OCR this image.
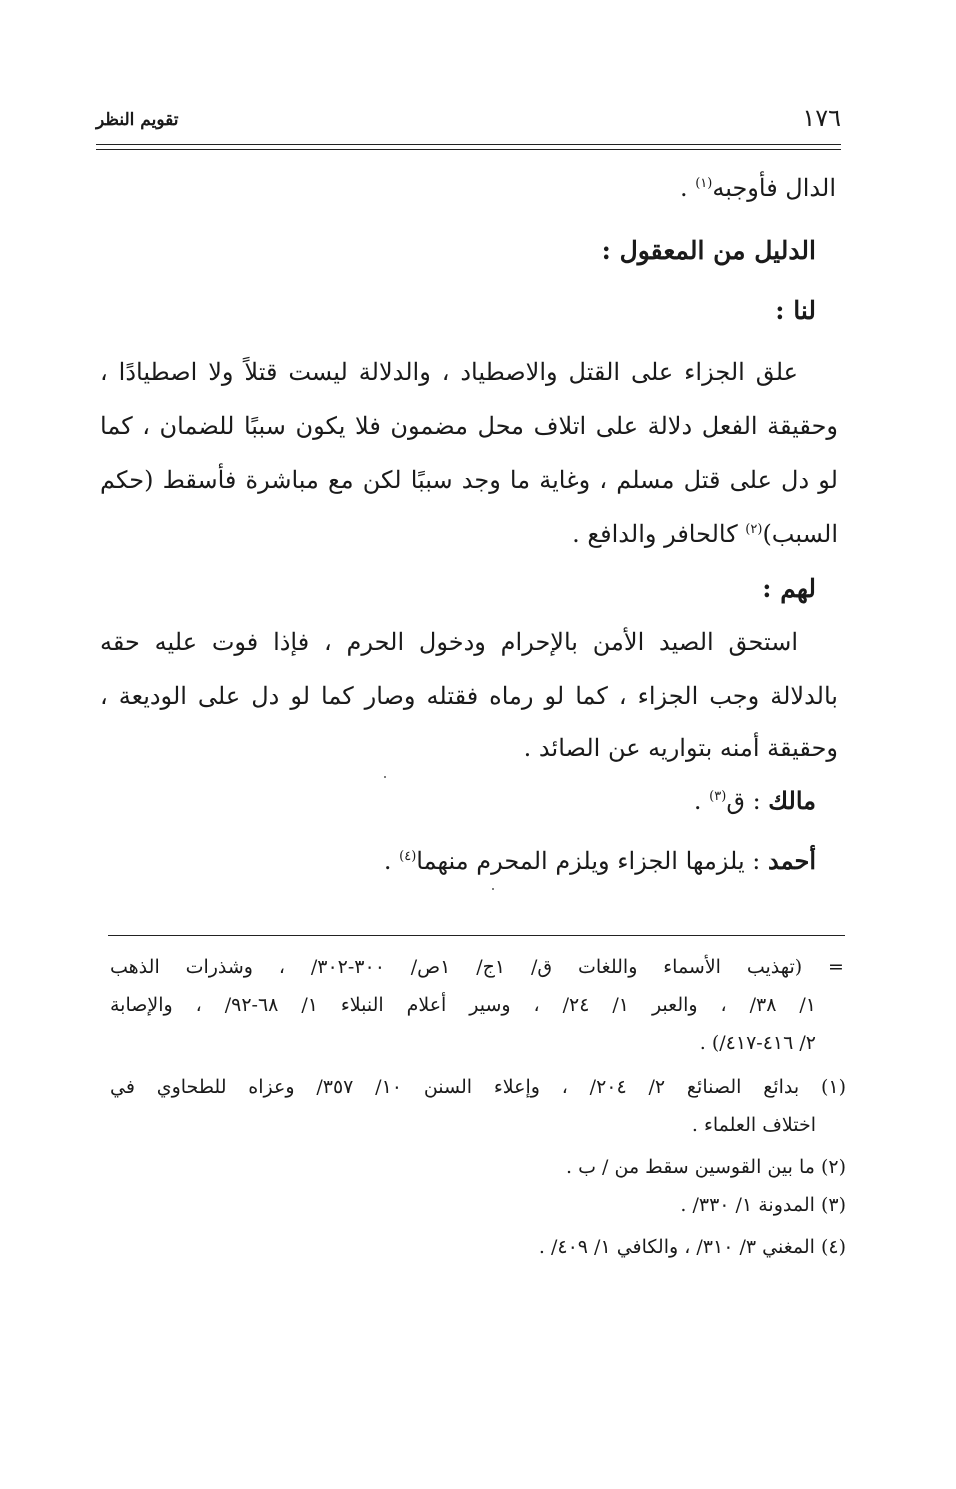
١٧٦
تقويم النظر
الدال فأوجبه$^{(١)}$ .
الدليل من المعقول :
لنا :
علق الجزاء على القتل والاصطياد ، والدلالة ليست قتلاً ولا اصطيادًا ،
وحقيقة الفعل دلالة على اتلاف محل مضمون فلا يكون سببًا للضمان ، كما
لو دل على قتل مسلم ، وغاية ما وجد سببًا لكن مع مباشرة فأسقط (حكم
السبب)$^{(٢)}$ كالحافر والدافع .
لهم :
استحق الصيد الأمن بالإحرام ودخول الحرم ، فإذا فوت عليه حقه
بالدلالة وجب الجزاء ، كما لو رماه فقتله وصار كما لو دل على الوديعة ،
وحقيقة أمنه بتواريه عن الصائد .
مالك : ق$^{(٣)}$ .
أحمد : يلزمها الجزاء ويلزم المحرم منهما$^{(٤)}$ .
= (تهذيب الأسماء واللغات ق/ ١ج/ ١ص/ ٣٠٠-٣٠٢/ ، وشذرات الذهب
١/ ٣٨/ ، والعبر ١/ ٢٤/ ، وسير أعلام النبلاء ١/ ٦٨-٩٢/ ، والإصابة
٢/ ٤١٦-٤١٧/) .
(١) بدائع الصنائع ٢/ ٢٠٤/ ، وإعلاء السنن ١٠/ ٣٥٧/ وعزاه للطحاوي في
اختلاف العلماء .
(٢) ما بين القوسين سقط من / ب .
(٣) المدونة ١/ ٣٣٠/ .
(٤) المغني ٣/ ٣١٠/ ، والكافي ١/ ٤٠٩/ .
